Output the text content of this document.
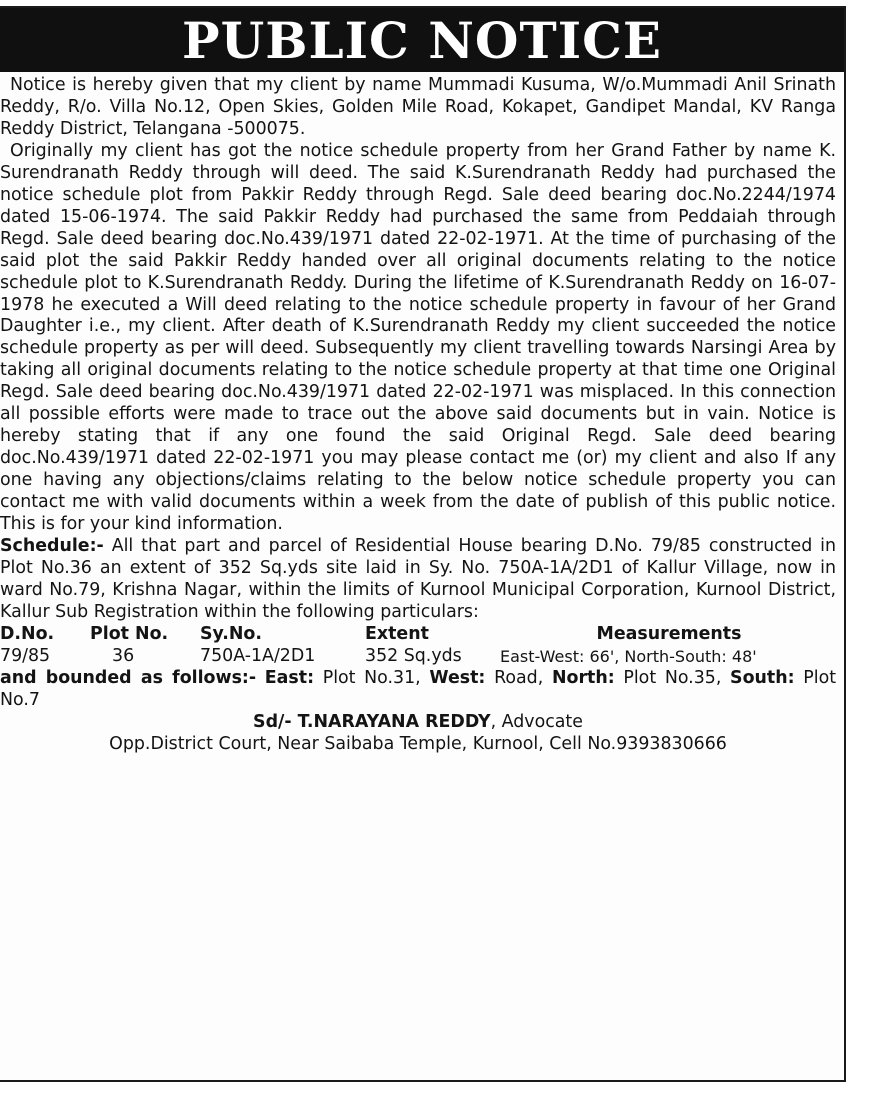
PUBLIC NOTICE

Notice is hereby given that my client by name Mummadi Kusuma, W/o.Mummadi Anil Srinath Reddy, R/o. Villa No.12, Open Skies, Golden Mile Road, Kokapet, Gandipet Mandal, KV Ranga Reddy District, Telangana -500075.

Originally my client has got the notice schedule property from her Grand Father by name K. Surendranath Reddy through will deed. The said K.Surendranath Reddy had purchased the notice schedule plot from Pakkir Reddy through Regd. Sale deed bearing doc.No.2244/1974 dated 15-06-1974. The said Pakkir Reddy had purchased the same from Peddaiah through Regd. Sale deed bearing doc.No.439/1971 dated 22-02-1971. At the time of purchasing of the said plot the said Pakkir Reddy handed over all original documents relating to the notice schedule plot to K.Surendranath Reddy. During the lifetime of K.Surendranath Reddy on 16-07-1978 he executed a Will deed relating to the notice schedule property in favour of her Grand Daughter i.e., my client. After death of K.Surendranath Reddy my client succeeded the notice schedule property as per will deed. Subsequently my client travelling towards Narsingi Area by taking all original documents relating to the notice schedule property at that time one Original Regd. Sale deed bearing doc.No.439/1971 dated 22-02-1971 was misplaced. In this connection all possible efforts were made to trace out the above said documents but in vain. Notice is hereby stating that if any one found the said Original Regd. Sale deed bearing doc.No.439/1971 dated 22-02-1971 you may please contact me (or) my client and also If any one having any objections/claims relating to the below notice schedule property you can contact me with valid documents within a week from the date of publish of this public notice. This is for your kind information.

Schedule:- All that part and parcel of Residential House bearing D.No. 79/85 constructed in Plot No.36 an extent of 352 Sq.yds site laid in Sy. No. 750A-1A/2D1 of Kallur Village, now in ward No.79, Krishna Nagar, within the limits of Kurnool Municipal Corporation, Kurnool District, Kallur Sub Registration within the following particulars:

D.No.	Plot No.	Sy.No.	Extent	Measurements
79/85	36	750A-1A/2D1	352 Sq.yds	East-West: 66', North-South: 48'

and bounded as follows:- East: Plot No.31, West: Road, North: Plot No.35, South: Plot No.7

Sd/- T.NARAYANA REDDY, Advocate

Opp.District Court, Near Saibaba Temple, Kurnool, Cell No.9393830666
